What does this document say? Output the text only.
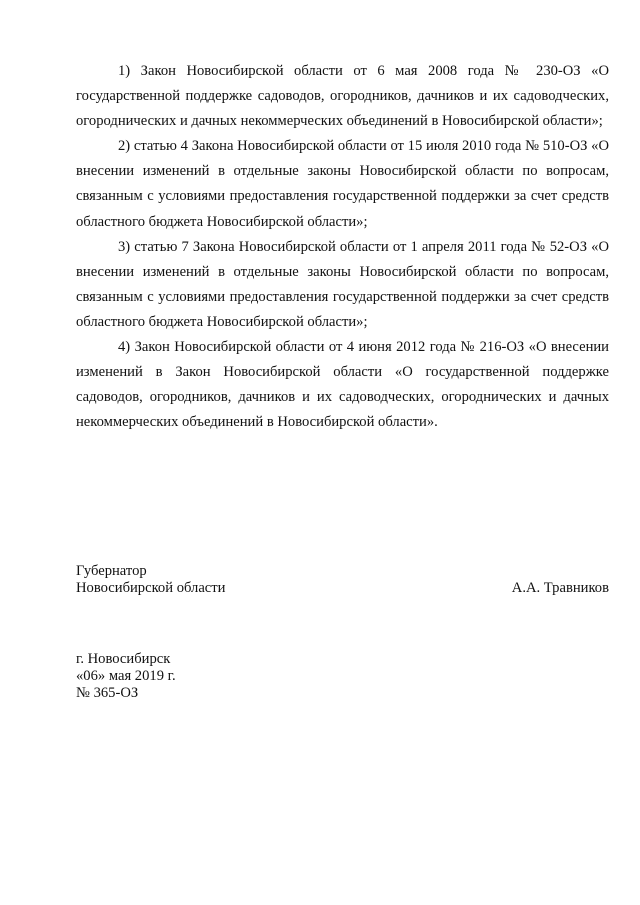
1) Закон Новосибирской области от 6 мая 2008 года № 230-ОЗ «О государственной поддержке садоводов, огородников, дачников и их садоводческих, огороднических и дачных некоммерческих объединений в Новосибирской области»;

2) статью 4 Закона Новосибирской области от 15 июля 2010 года № 510-ОЗ «О внесении изменений в отдельные законы Новосибирской области по вопросам, связанным с условиями предоставления государственной поддержки за счет средств областного бюджета Новосибирской области»;

3) статью 7 Закона Новосибирской области от 1 апреля 2011 года № 52-ОЗ «О внесении изменений в отдельные законы Новосибирской области по вопросам, связанным с условиями предоставления государственной поддержки за счет средств областного бюджета Новосибирской области»;

4) Закон Новосибирской области от 4 июня 2012 года № 216-ОЗ «О внесении изменений в Закон Новосибирской области «О государственной поддержке садоводов, огородников, дачников и их садоводческих, огороднических и дачных некоммерческих объединений в Новосибирской области».

Губернатор
Новосибирской области	А.А. Травников
г. Новосибирск
«06» мая 2019 г.
№ 365-ОЗ
